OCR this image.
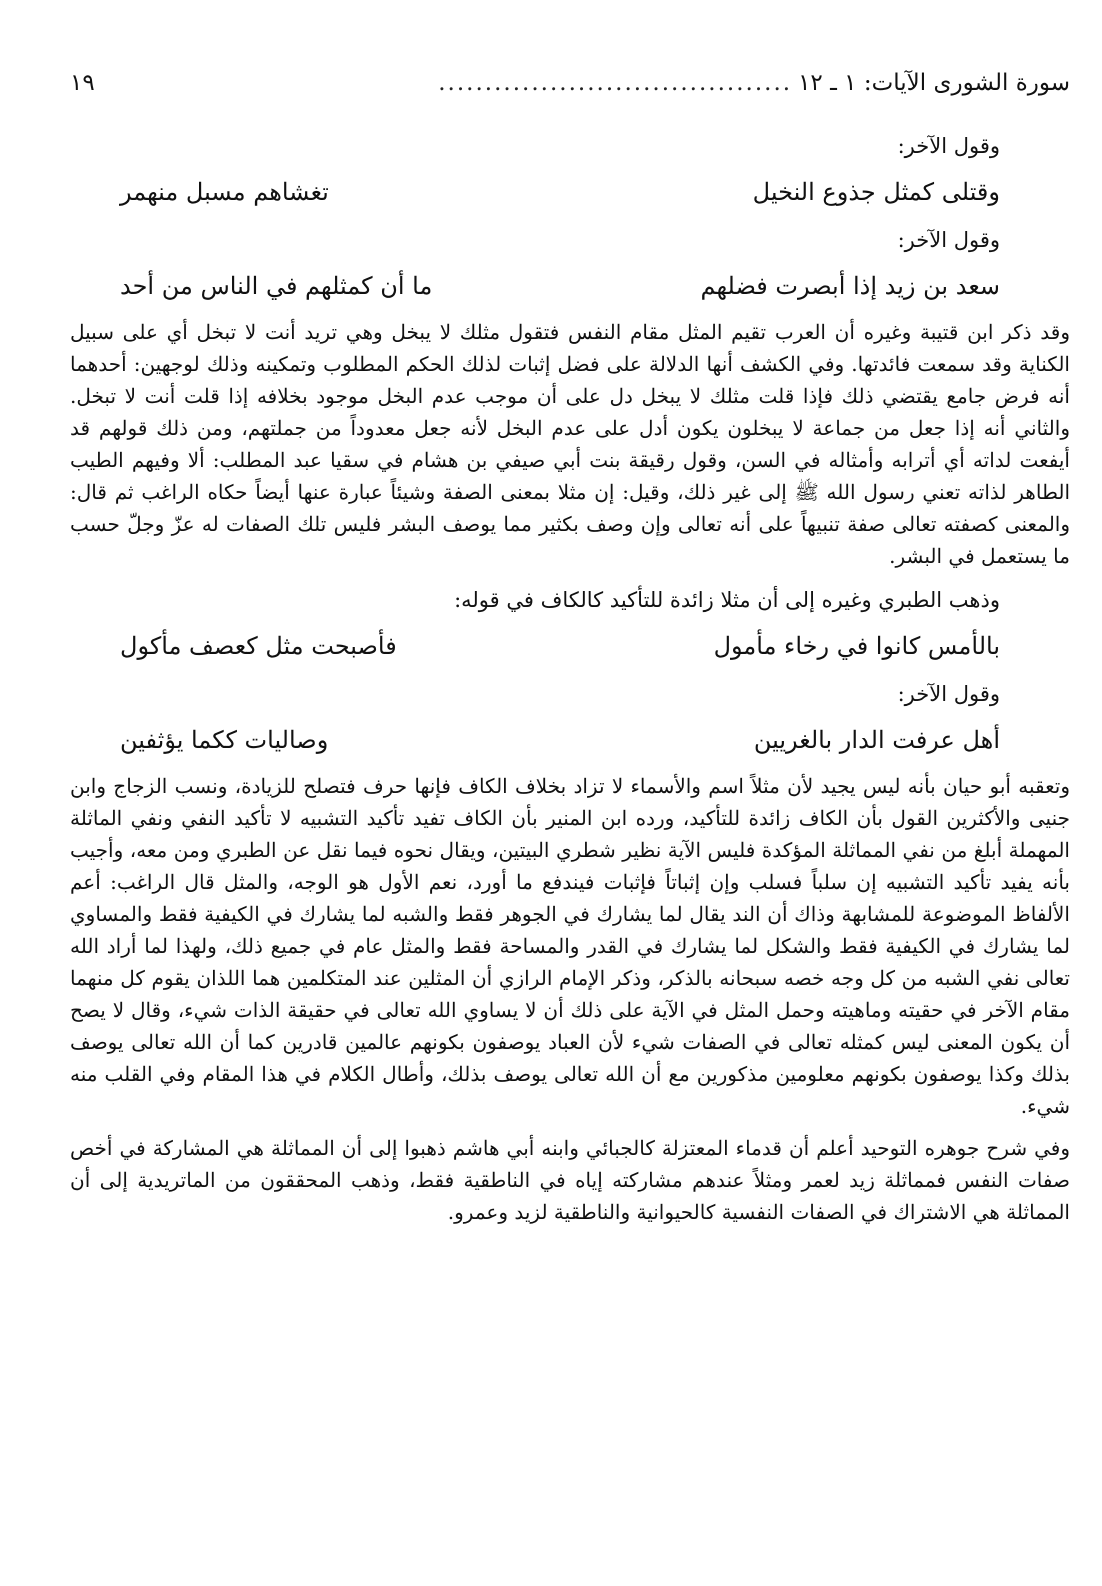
سورة الشورى الآيات: ١ ـ ١٢
......................................
١٩
وقول الآخر:
وقتلى كمثل جذوع النخيل
تغشاهم مسبل منهمر
وقول الآخر:
سعد بن زيد إذا أبصرت فضلهم
ما أن كمثلهم في الناس من أحد
وقد ذكر ابن قتيبة وغيره أن العرب تقيم المثل مقام النفس فتقول مثلك لا يبخل وهي تريد أنت لا تبخل أي على سبيل الكناية وقد سمعت فائدتها. وفي الكشف أنها الدلالة على فضل إثبات لذلك الحكم المطلوب وتمكينه وذلك لوجهين: أحدهما أنه فرض جامع يقتضي ذلك فإذا قلت مثلك لا يبخل دل على أن موجب عدم البخل موجود بخلافه إذا قلت أنت لا تبخل. والثاني أنه إذا جعل من جماعة لا يبخلون يكون أدل على عدم البخل لأنه جعل معدوداً من جملتهم، ومن ذلك قولهم قد أيفعت لداته أي أترابه وأمثاله في السن، وقول رقيقة بنت أبي صيفي بن هشام في سقيا عبد المطلب: ألا وفيهم الطيب الطاهر لذاته تعني رسول الله ﷺ إلى غير ذلك، وقيل: إن مثلا بمعنى الصفة وشيئاً عبارة عنها أيضاً حكاه الراغب ثم قال: والمعنى كصفته تعالى صفة تنبيهاً على أنه تعالى وإن وصف بكثير مما يوصف البشر فليس تلك الصفات له عزّ وجلّ حسب ما يستعمل في البشر.
وذهب الطبري وغيره إلى أن مثلا زائدة للتأكيد كالكاف في قوله:
بالأمس كانوا في رخاء مأمول
فأصبحت مثل كعصف مأكول
وقول الآخر:
أهل عرفت الدار بالغريين
وصاليات ككما يؤثفين
وتعقبه أبو حيان بأنه ليس يجيد لأن مثلاً اسم والأسماء لا تزاد بخلاف الكاف فإنها حرف فتصلح للزيادة، ونسب الزجاج وابن جنيى والأكثرين القول بأن الكاف زائدة للتأكيد، ورده ابن المنير بأن الكاف تفيد تأكيد التشبيه لا تأكيد النفي ونفي الماثلة المهملة أبلغ من نفي المماثلة المؤكدة فليس الآية نظير شطري البيتين، ويقال نحوه فيما نقل عن الطبري ومن معه، وأجيب بأنه يفيد تأكيد التشبيه إن سلباً فسلب وإن إثباتاً فإثبات فيندفع ما أورد، نعم الأول هو الوجه، والمثل قال الراغب: أعم الألفاظ الموضوعة للمشابهة وذاك أن الند يقال لما يشارك في الجوهر فقط والشبه لما يشارك في الكيفية فقط والمساوي لما يشارك في الكيفية فقط والشكل لما يشارك في القدر والمساحة فقط والمثل عام في جميع ذلك، ولهذا لما أراد الله تعالى نفي الشبه من كل وجه خصه سبحانه بالذكر، وذكر الإمام الرازي أن المثلين عند المتكلمين هما اللذان يقوم كل منهما مقام الآخر في حقيته وماهيته وحمل المثل في الآية على ذلك أن لا يساوي الله تعالى في حقيقة الذات شيء، وقال لا يصح أن يكون المعنى ليس كمثله تعالى في الصفات شيء لأن العباد يوصفون بكونهم عالمين قادرين كما أن الله تعالى يوصف بذلك وكذا يوصفون بكونهم معلومين مذكورين مع أن الله تعالى يوصف بذلك، وأطال الكلام في هذا المقام وفي القلب منه شيء.
وفي شرح جوهره التوحيد أعلم أن قدماء المعتزلة كالجبائي وابنه أبي هاشم ذهبوا إلى أن المماثلة هي المشاركة في أخص صفات النفس فمماثلة زيد لعمر ومثلاً عندهم مشاركته إياه في الناطقية فقط، وذهب المحققون من الماتريدية إلى أن المماثلة هي الاشتراك في الصفات النفسية كالحيوانية والناطقية لزيد وعمرو.
